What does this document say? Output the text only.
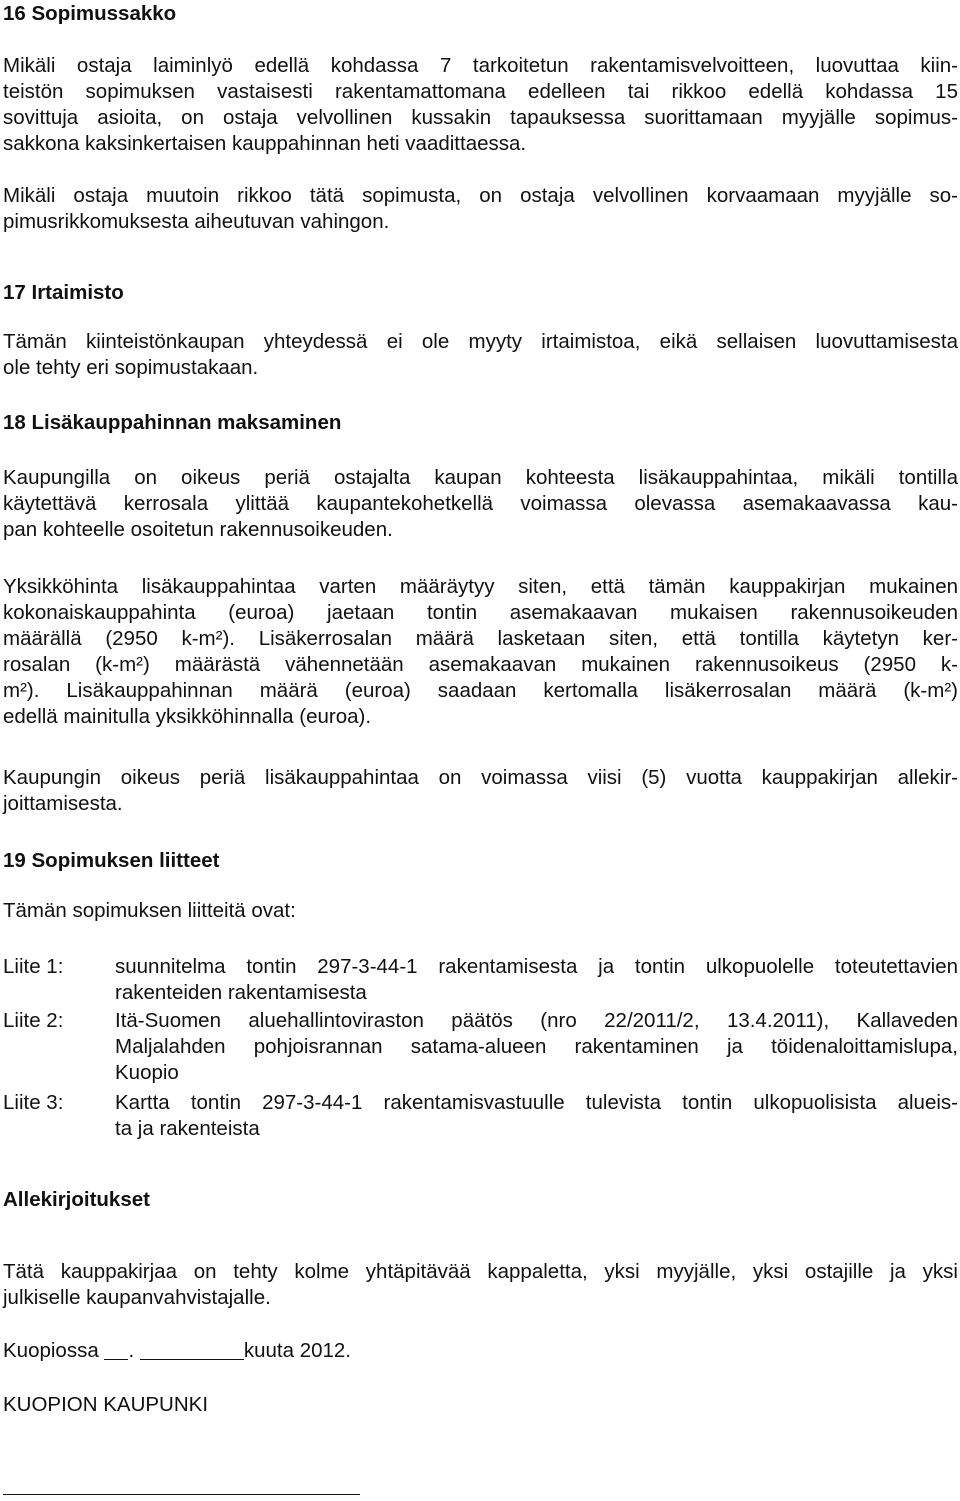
16 Sopimussakko
Mikäli ostaja laiminlyö edellä kohdassa 7 tarkoitetun rakentamisvelvoitteen, luovuttaa kiin-
teistön sopimuksen vastaisesti rakentamattomana edelleen tai rikkoo edellä kohdassa 15
sovittuja asioita, on ostaja velvollinen kussakin tapauksessa suorittamaan myyjälle sopimus-
sakkona kaksinkertaisen kauppahinnan heti vaadittaessa.
Mikäli ostaja muutoin rikkoo tätä sopimusta, on ostaja velvollinen korvaamaan myyjälle so-
pimusrikkomuksesta aiheutuvan vahingon.
17 Irtaimisto
Tämän kiinteistönkaupan yhteydessä ei ole myyty irtaimistoa, eikä sellaisen luovuttamisesta
ole tehty eri sopimustakaan.
18 Lisäkauppahinnan maksaminen
Kaupungilla on oikeus periä ostajalta kaupan kohteesta lisäkauppahintaa, mikäli tontilla
käytettävä kerrosala ylittää kaupantekohetkellä voimassa olevassa asemakaavassa kau-
pan kohteelle osoitetun rakennusoikeuden.
Yksikköhinta lisäkauppahintaa varten määräytyy siten, että tämän kauppakirjan mukainen
kokonaiskauppahinta (euroa) jaetaan tontin asemakaavan mukaisen rakennusoikeuden
määrällä (2950 k-m²). Lisäkerrosalan määrä lasketaan siten, että tontilla käytetyn ker-
rosalan (k-m²) määrästä vähennetään asemakaavan mukainen rakennusoikeus (2950 k-
m²). Lisäkauppahinnan määrä (euroa) saadaan kertomalla lisäkerrosalan määrä (k-m²)
edellä mainitulla yksikköhinnalla (euroa).
Kaupungin oikeus periä lisäkauppahintaa on voimassa viisi (5) vuotta kauppakirjan allekir-
joittamisesta.
19 Sopimuksen liitteet
Tämän sopimuksen liitteitä ovat:
Liite 1:	suunnitelma tontin 297-3-44-1 rakentamisesta ja tontin ulkopuolelle toteutettavien
rakenteiden rakentamisesta
Liite 2:	Itä-Suomen aluehallintoviraston päätös (nro 22/2011/2, 13.4.2011), Kallaveden
Maljalahden pohjoisrannan satama-alueen rakentaminen ja töidenaloittamislupa,
Kuopio
Liite 3:	Kartta tontin 297-3-44-1 rakentamisvastuulle tulevista tontin ulkopuolisista alueis-
ta ja rakenteista
Allekirjoitukset
Tätä kauppakirjaa on tehty kolme yhtäpitävää kappaletta, yksi myyjälle, yksi ostajille ja yksi
julkiselle kaupanvahvistajalle.
Kuopiossa .	kuuta 2012.
KUOPION KAUPUNKI
